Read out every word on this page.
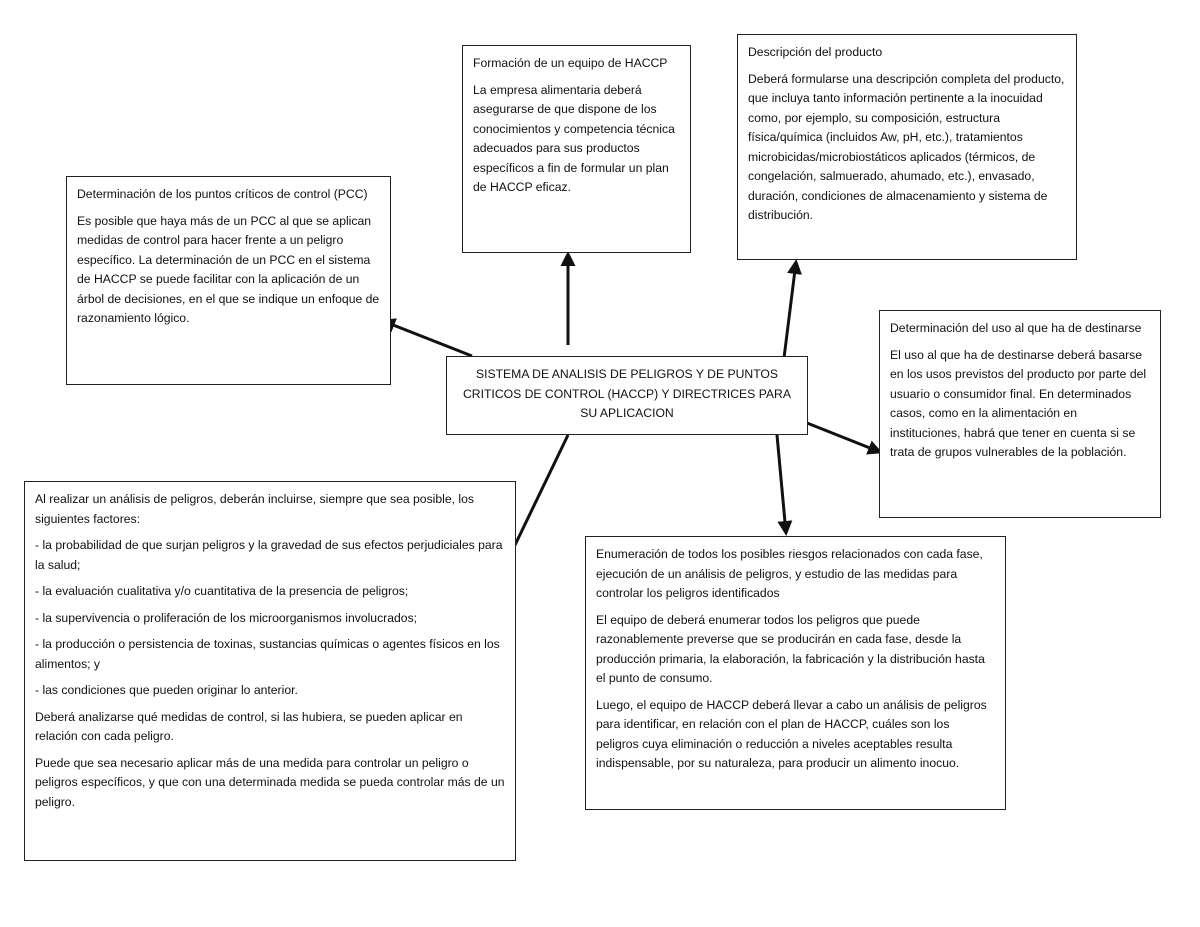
SISTEMA DE ANALISIS DE PELIGROS Y DE PUNTOS CRITICOS DE CONTROL (HACCP) Y DIRECTRICES PARA SU APLICACION

Formación de un equipo de HACCP

La empresa alimentaria deberá asegurarse de que dispone de los conocimientos y competencia técnica adecuados para sus productos específicos a fin de formular un plan de HACCP eficaz.

Descripción del producto

Deberá formularse una descripción completa del producto, que incluya tanto información pertinente a la inocuidad como, por ejemplo, su composición, estructura física/química (incluidos Aw, pH, etc.), tratamientos microbicidas/microbiostáticos aplicados (térmicos, de congelación, salmuerado, ahumado, etc.), envasado, duración, condiciones de almacenamiento y sistema de distribución.

Determinación de los puntos críticos de control (PCC)

Es posible que haya más de un PCC al que se aplican medidas de control para hacer frente a un peligro específico. La determinación de un PCC en el sistema de HACCP se puede facilitar con la aplicación de un árbol de decisiones, en el que se indique un enfoque de razonamiento lógico.

Determinación del uso al que ha de destinarse

El uso al que ha de destinarse deberá basarse en los usos previstos del producto por parte del usuario o consumidor final. En determinados casos, como en la alimentación en instituciones, habrá que tener en cuenta si se trata de grupos vulnerables de la población.

Al realizar un análisis de peligros, deberán incluirse, siempre que sea posible, los siguientes factores:

- la probabilidad de que surjan peligros y la gravedad de sus efectos perjudiciales para la salud;

- la evaluación cualitativa y/o cuantitativa de la presencia de peligros;

- la supervivencia o proliferación de los microorganismos involucrados;

- la producción o persistencia de toxinas, sustancias químicas o agentes físicos en los alimentos; y

- las condiciones que pueden originar lo anterior.

Deberá analizarse qué medidas de control, si las hubiera, se pueden aplicar en relación con cada peligro.

Puede que sea necesario aplicar más de una medida para controlar un peligro o peligros específicos, y que con una determinada medida se pueda controlar más de un peligro.

Enumeración de todos los posibles riesgos relacionados con cada fase, ejecución de un análisis de peligros, y estudio de las medidas para controlar los peligros identificados

El equipo de deberá enumerar todos los peligros que puede razonablemente preverse que se producirán en cada fase, desde la producción primaria, la elaboración, la fabricación y la distribución hasta el punto de consumo.

Luego, el equipo de HACCP deberá llevar a cabo un análisis de peligros para identificar, en relación con el plan de HACCP, cuáles son los peligros cuya eliminación o reducción a niveles aceptables resulta indispensable, por su naturaleza, para producir un alimento inocuo.
